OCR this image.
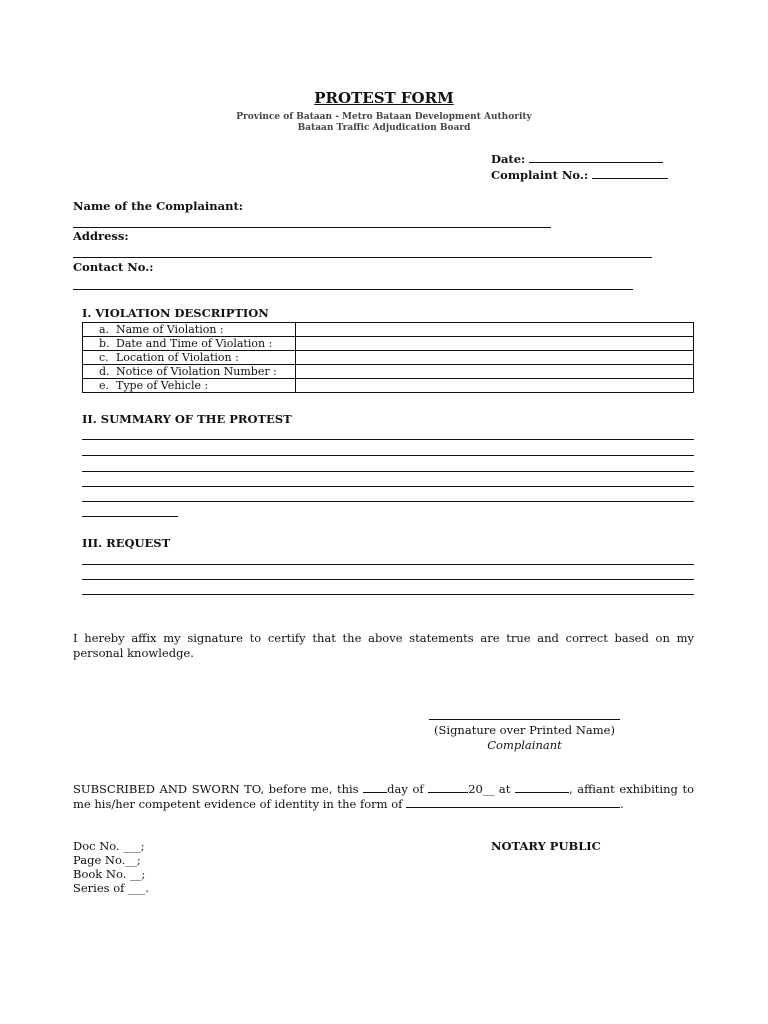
PROTEST FORM
Province of Bataan - Metro Bataan Development Authority
Bataan Traffic Adjudication Board
Date:
Complaint No.:
Name of the Complainant:
Address:
Contact No.:
I. VIOLATION DESCRIPTION
a. Name of Violation :	
b. Date and Time of Violation :	
c. Location of Violation :	
d. Notice of Violation Number :	
e. Type of Vehicle :	
II. SUMMARY OF THE PROTEST
III. REQUEST
I hereby affix my signature to certify that the above statements are true and correct based on my personal knowledge.
(Signature over Printed Name)
Complainant
SUBSCRIBED AND SWORN TO, before me, this day of	20__ at	, affiant exhibiting to me his/her competent evidence of identity in the form of	.
Doc No. ___;
Page No.__;
Book No. __;
Series of ___.
NOTARY PUBLIC
